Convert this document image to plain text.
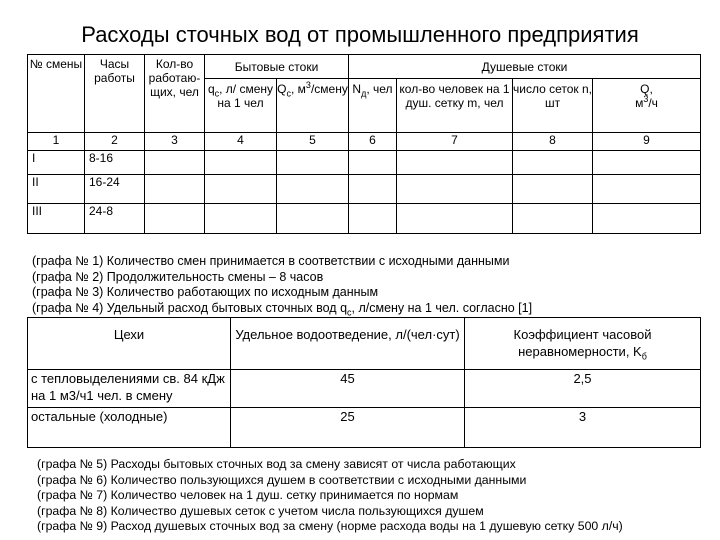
Расходы сточных вод от промышленного предприятия
№ смены	Часы работы	Кол-во работаю-щих, чел	Бытовые стоки		Душевые стоки			
			$q_c$, л/ смену на 1 чел	$Q_c$, $м^3$/смену	$N_д$, чел	кол-во человек на 1 душ. сетку m, чел	число сеток n, шт	Q,
$м^3/ч$
1	2	3	4	5	6	7	8	9
I	8-16							
II	16-24							
III	24-8							
(графа № 1) Количество смен принимается в соответствии с исходными данными
(графа № 2) Продолжительность смены – 8 часов
(графа № 3) Количество работающих по исходным данным
(графа № 4) Удельный расход бытовых сточных вод $q_c$, л/смену на 1 чел. согласно [1]
Цехи	Удельное водоотведение, л/(чел·сут)	Коэффициент часовой неравномерности, $K_б$
с тепловыделениями св. 84 кДж на 1 м3/ч1 чел. в смену	45	2,5
остальные (холодные)	25	3
(графа № 5) Расходы бытовых сточных вод за смену зависят от числа работающих
(графа № 6) Количество пользующихся душем в соответствии с исходными данными
(графа № 7) Количество человек на 1 душ. сетку принимается по нормам
(графа № 8) Количество душевых сеток с учетом числа пользующихся душем
(графа № 9) Расход душевых сточных вод за смену (норме расхода воды на 1 душевую сетку 500 л/ч)
